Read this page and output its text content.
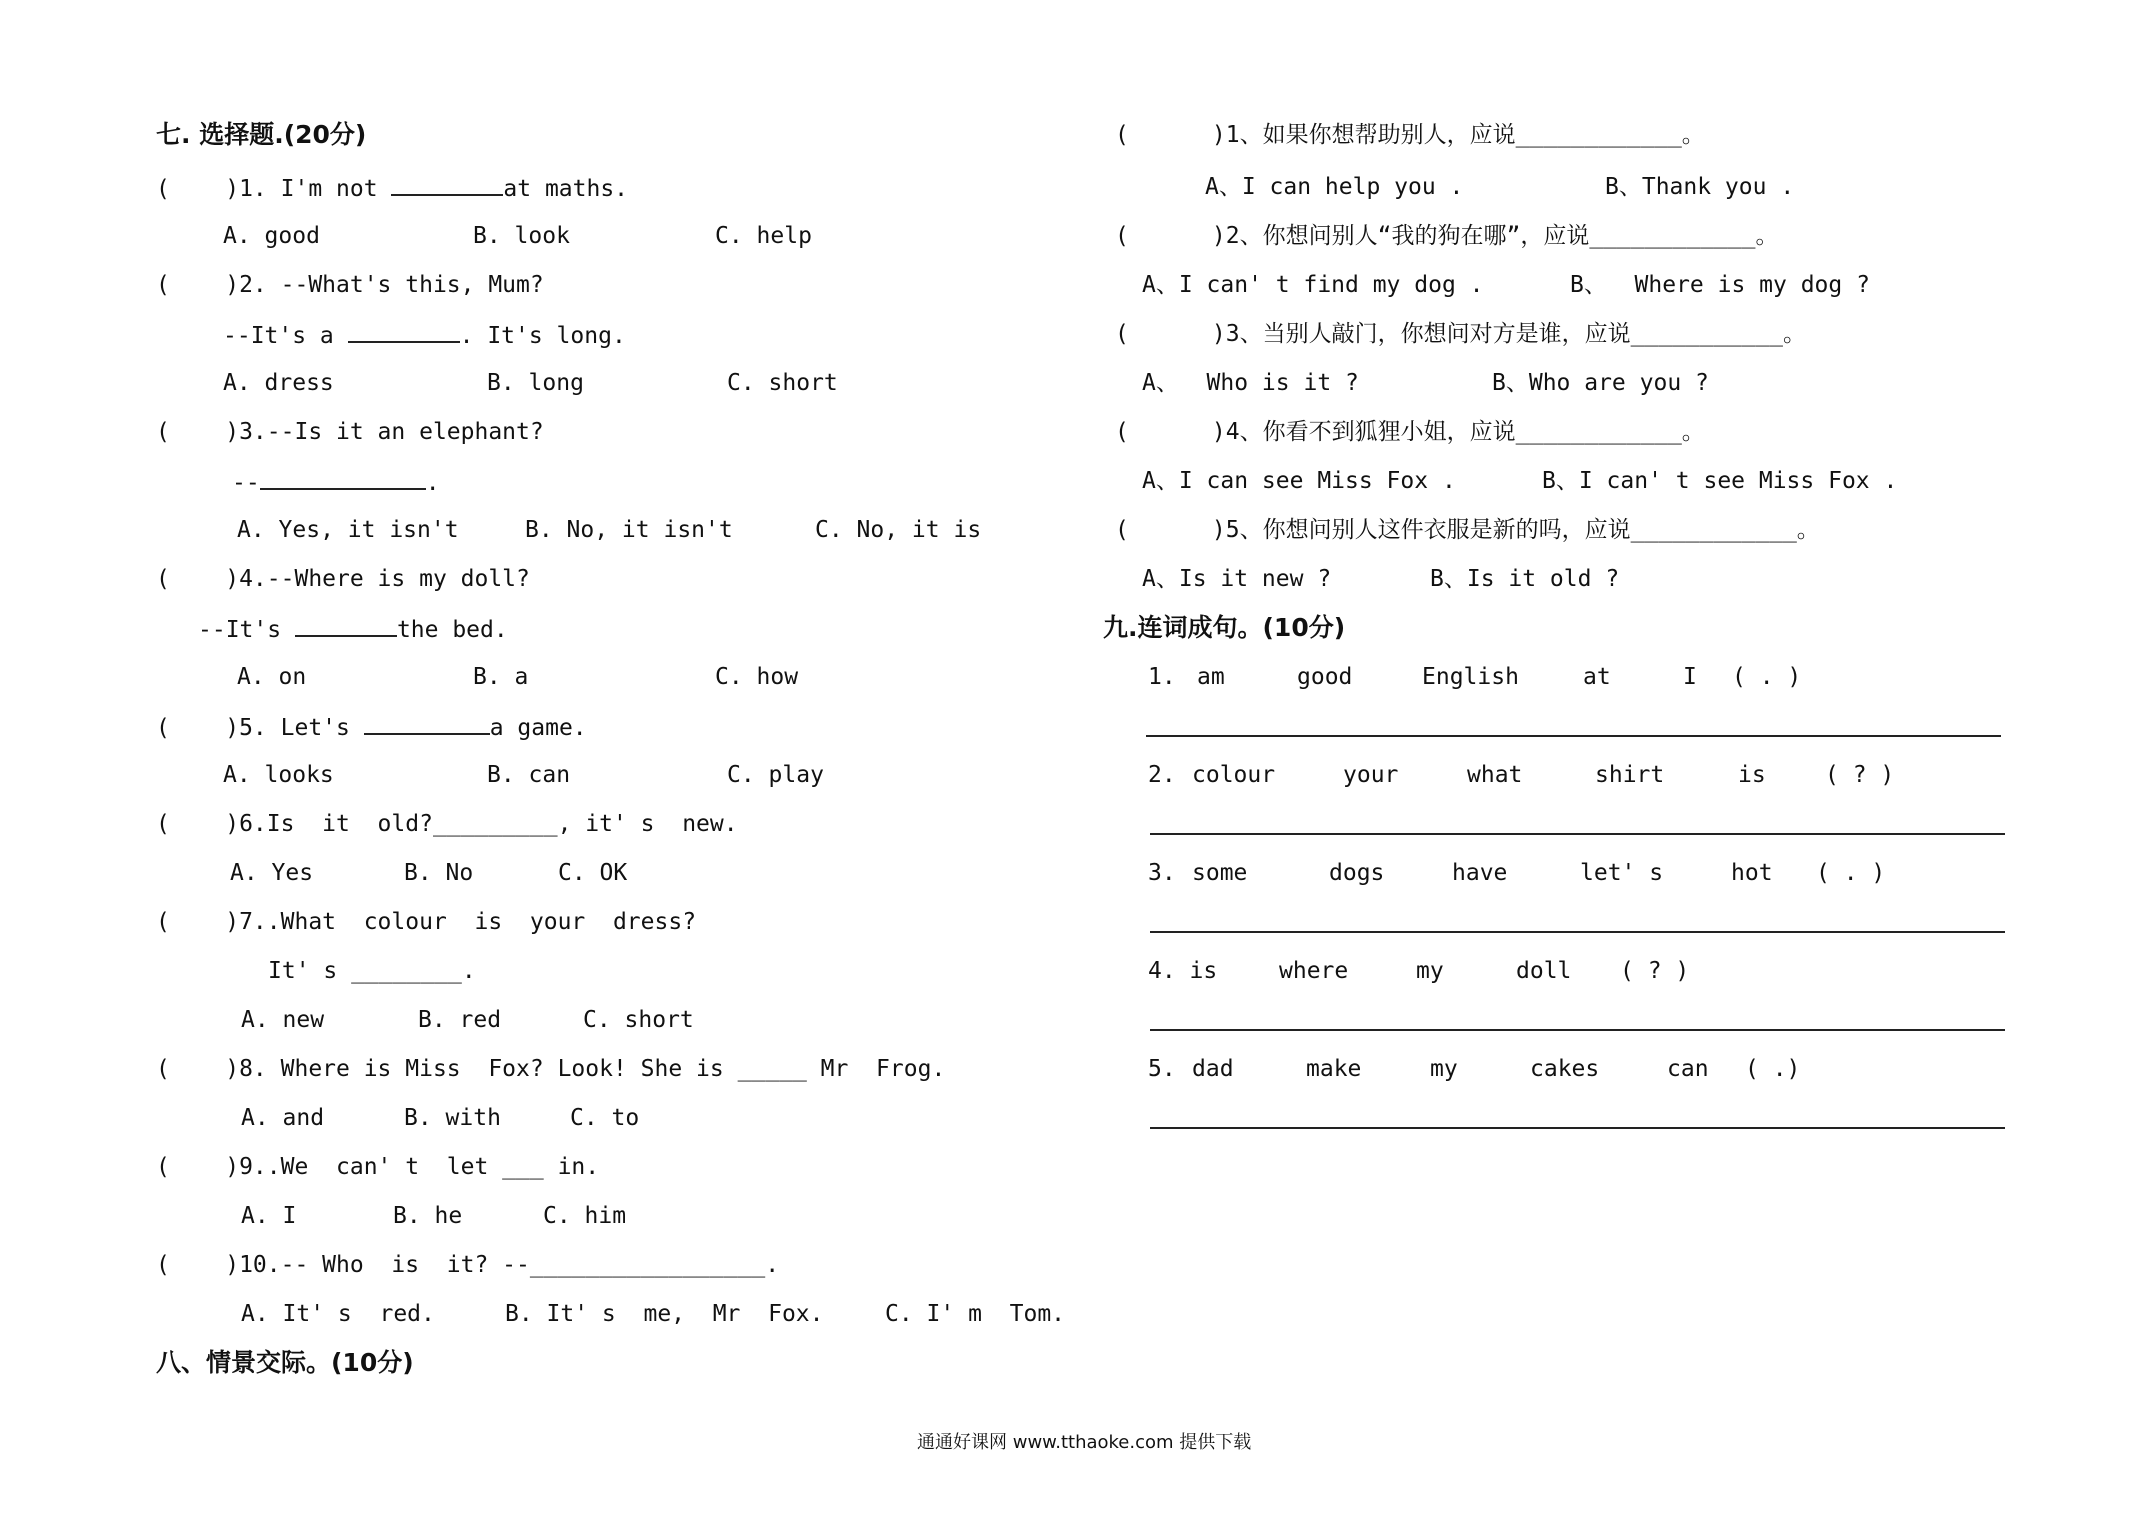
七. 选择题.(20分)
(    )1. I'm not	at maths.
A. good	B. look	C. help
(    )2. --What's this, Mum?
--It's a	. It's long.
A. dress	B. long	C. short
(    )3.--Is it an elephant?
--	.
A. Yes, it isn't	B. No, it isn't	C. No, it is
(    )4.--Where is my doll?
--It's	the bed.
A. on	B. a	C. how
(    )5. Let's	a game.
A. looks	B. can	C. play
(    )6.Is  it  old?_________, it' s  new.
A. Yes	B. No	C. OK
(    )7..What  colour  is  your  dress?
It' s ________.
A. new	B. red	C. short
(    )8. Where is Miss  Fox? Look! She is _____ Mr  Frog.
A. and	B. with	C. to
(    )9..We  can' t  let ___ in.
A. I	B. he	C. him
(    )10.-- Who  is  it? --_________________.
A. It' s  red.	B. It' s  me,  Mr  Fox.	C. I' m  Tom.
八、情景交际。(10分)
(      )1、如果你想帮助别人，应说____________。
A、I can help you .	B、Thank you .
(      )2、你想问别人“我的狗在哪”，应说____________。
A、I can' t find my dog .	B、  Where is my dog ?
(      )3、当别人敲门，你想问对方是谁，应说___________。
A、  Who is it ?	B、Who are you ?
(      )4、你看不到狐狸小姐，应说____________。
A、I can see Miss Fox .	B、I can' t see Miss Fox .
(      )5、你想问别人这件衣服是新的吗，应说____________。
A、Is it new ?	B、Is it old ?
九.连词成句。(10分)
1. am	good	English	at	I ( . )
2. colour	your	what	shirt	is	( ? )
3. some	dogs	have	let' s	hot ( . )
4. is	where	my	doll ( ? )
5. dad	make	my	cakes	can ( .)
通通好课网 www.tthaoke.com 提供下载
